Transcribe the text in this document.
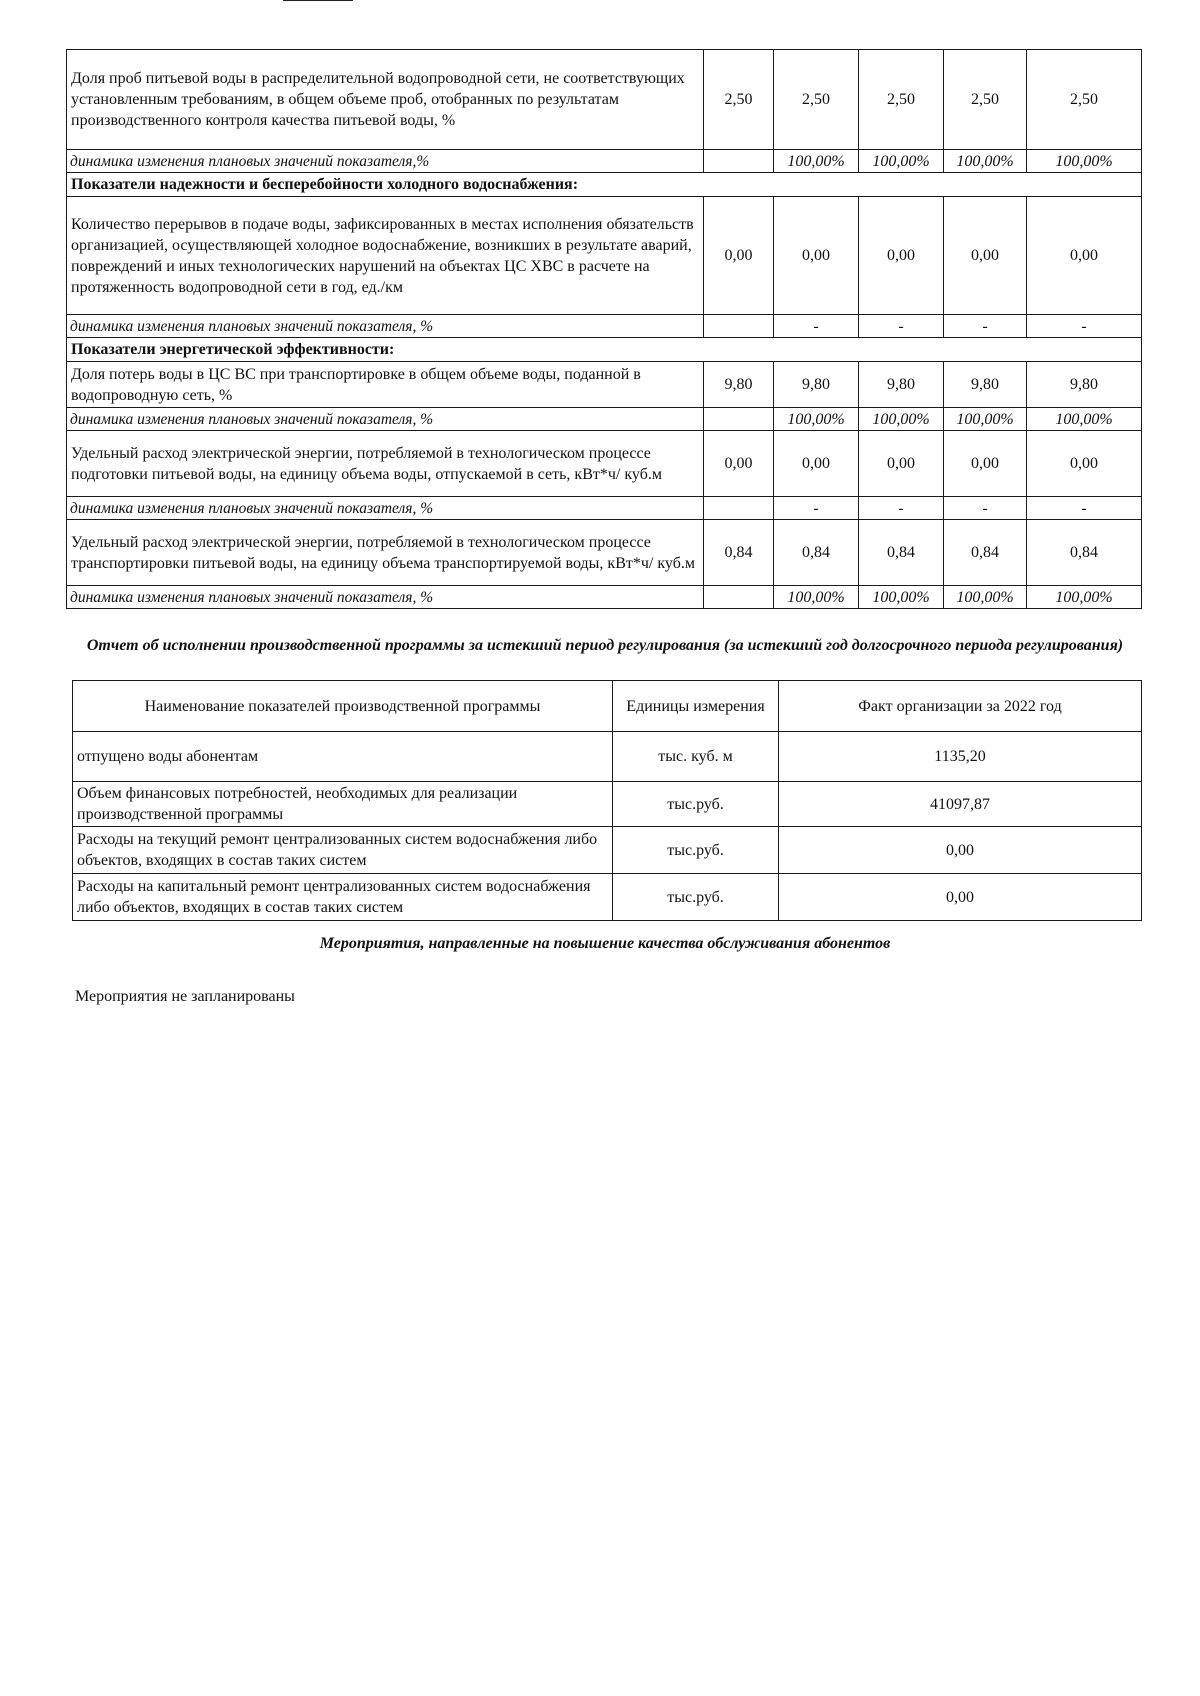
Доля проб питьевой воды в распределительной водопроводной сети, не соответствующих установленным требованиям, в общем объеме проб, отобранных по результатам производственного контроля качества питьевой воды, %	2,50	2,50	2,50	2,50	2,50
динамика изменения плановых значений показателя,%		100,00%	100,00%	100,00%	100,00%
Показатели надежности и бесперебойности холодного водоснабжения:					
Количество перерывов в подаче воды, зафиксированных в местах исполнения обязательств организацией, осуществляющей холодное водоснабжение, возникших в результате аварий, повреждений и иных технологических нарушений на объектах ЦС ХВС в расчете на протяженность водопроводной сети в год, ед./км	0,00	0,00	0,00	0,00	0,00
динамика изменения плановых значений показателя, %		-	-	-	-
Показатели энергетической эффективности:					
Доля потерь воды в ЦС ВС при транспортировке в общем объеме воды, поданной в водопроводную сеть, %	9,80	9,80	9,80	9,80	9,80
динамика изменения плановых значений показателя, %		100,00%	100,00%	100,00%	100,00%
Удельный расход электрической энергии, потребляемой в технологическом процессе подготовки питьевой воды, на единицу объема воды, отпускаемой в сеть, кВт*ч/ куб.м	0,00	0,00	0,00	0,00	0,00
динамика изменения плановых значений показателя, %		-	-	-	-
Удельный расход электрической энергии, потребляемой в технологическом процессе транспортировки питьевой воды, на единицу объема транспортируемой воды, кВт*ч/ куб.м	0,84	0,84	0,84	0,84	0,84
динамика изменения плановых значений показателя, %		100,00%	100,00%	100,00%	100,00%
Отчет об исполнении производственной программы за истекший период регулирования (за истекший год долгосрочного периода регулирования)
Наименование показателей производственной программы	Единицы измерения	Факт организации за 2022 год
отпущено воды абонентам	тыс. куб. м	1135,20
Объем финансовых потребностей, необходимых для реализации производственной программы	тыс.руб.	41097,87
Расходы на текущий ремонт централизованных систем водоснабжения либо объектов, входящих в состав таких систем	тыс.руб.	0,00
Расходы на капитальный ремонт централизованных систем водоснабжения либо объектов, входящих в состав таких систем	тыс.руб.	0,00
Мероприятия, направленные на повышение качества обслуживания абонентов
Мероприятия не запланированы
